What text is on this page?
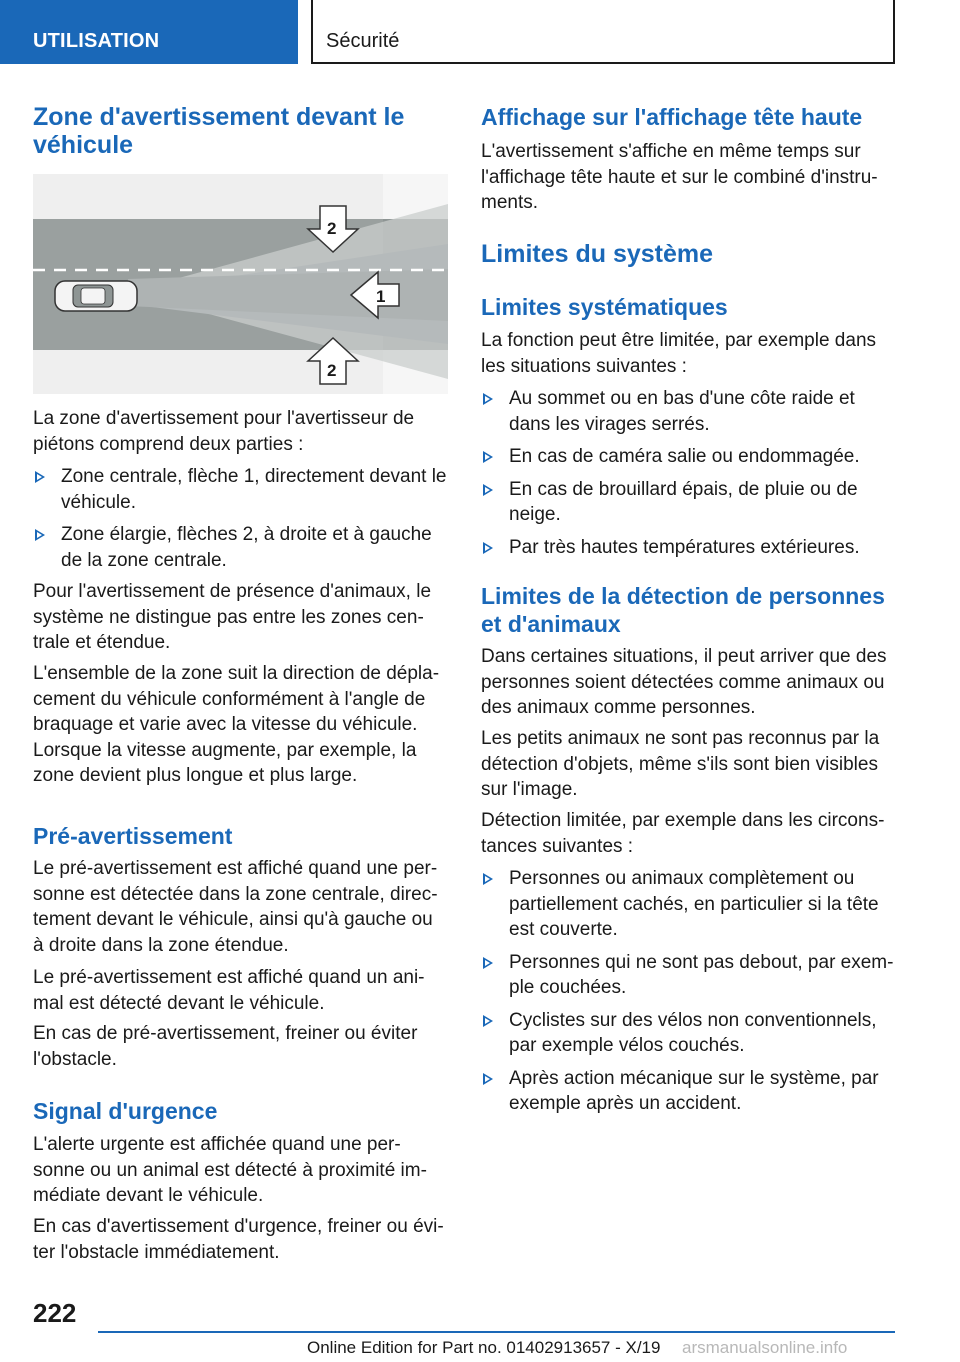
UTILISATION	Sécurité
Zone d'avertissement devant le véhicule
1
2
2

La zone d'avertissement pour l'avertisseur de piétons comprend deux parties :

Zone centrale, flèche 1, directement devant le véhicule.
Zone élargie, flèches 2, à droite et à gauche de la zone centrale.

Pour l'avertissement de présence d'animaux, le système ne distingue pas entre les zones cen-trale et étendue.

L'ensemble de la zone suit la direction de dépla-cement du véhicule conformément à l'angle de braquage et varie avec la vitesse du véhicule. Lorsque la vitesse augmente, par exemple, la zone devient plus longue et plus large.

Pré-avertissement

Le pré-avertissement est affiché quand une per-sonne est détectée dans la zone centrale, direc-tement devant le véhicule, ainsi qu'à gauche ou à droite dans la zone étendue.

Le pré-avertissement est affiché quand un ani-mal est détecté devant le véhicule.

En cas de pré-avertissement, freiner ou éviter l'obstacle.

Signal d'urgence

L'alerte urgente est affichée quand une per-sonne ou un animal est détecté à proximité im-médiate devant le véhicule.

En cas d'avertissement d'urgence, freiner ou évi-ter l'obstacle immédiatement.

Affichage sur l'affichage tête haute

L'avertissement s'affiche en même temps sur l'affichage tête haute et sur le combiné d'instru-ments.

Limites du système
Limites systématiques

La fonction peut être limitée, par exemple dans les situations suivantes :

Au sommet ou en bas d'une côte raide et dans les virages serrés.
En cas de caméra salie ou endommagée.
En cas de brouillard épais, de pluie ou de neige.
Par très hautes températures extérieures.
Limites de la détection de personnes et d'animaux

Dans certaines situations, il peut arriver que des personnes soient détectées comme animaux ou des animaux comme personnes.

Les petits animaux ne sont pas reconnus par la détection d'objets, même s'ils sont bien visibles sur l'image.

Détection limitée, par exemple dans les circons-tances suivantes :

Personnes ou animaux complètement ou partiellement cachés, en particulier si la tête est couverte.
Personnes qui ne sont pas debout, par exem-ple couchées.
Cyclistes sur des vélos non conventionnels, par exemple vélos couchés.
Après action mécanique sur le système, par exemple après un accident.
222
Online Edition for Part no. 01402913657 - X/19 arsmanualsonline.info
